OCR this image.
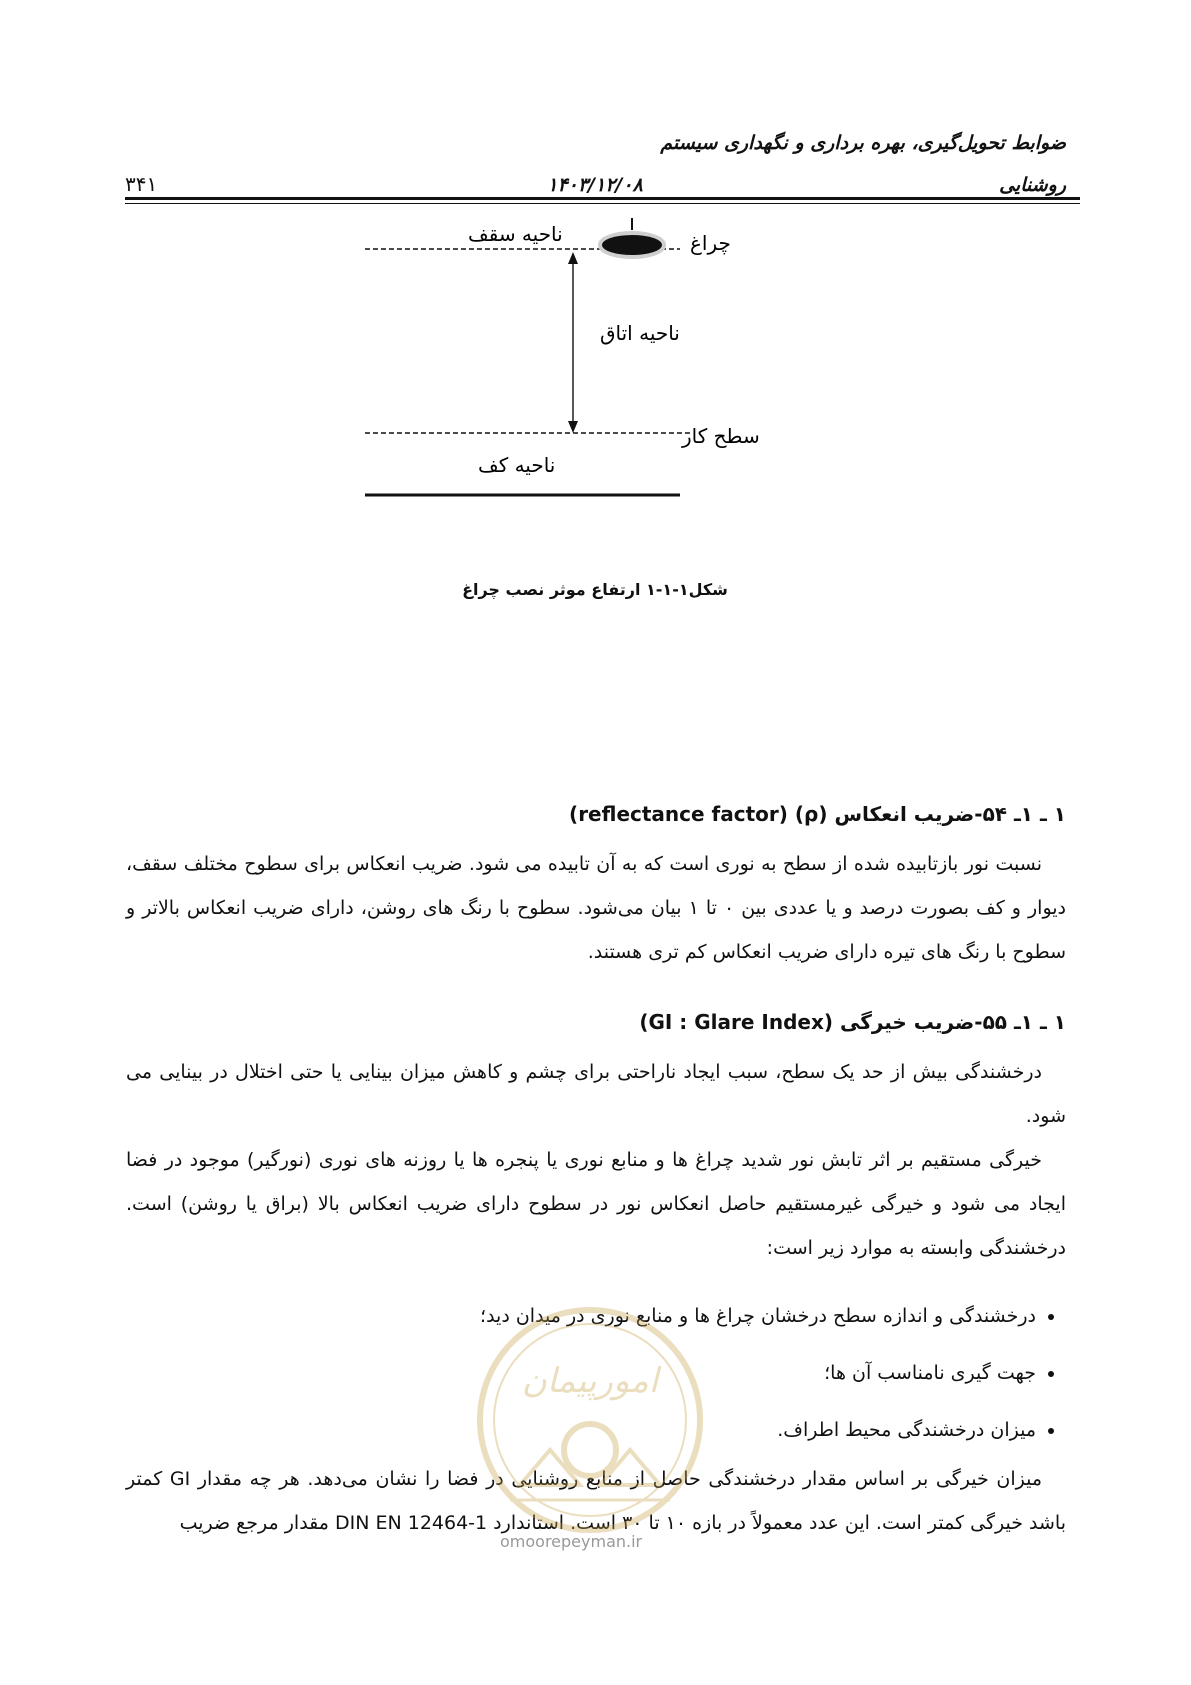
ضوابط تحویل‌گیری، بهره برداری و نگهداری سیستم
روشنایی
۱۴۰۳/۱۲/۰۸
۳۴۱
چراغ
ناحیه سقف
ناحیه اتاق
سطح کار
ناحیه کف
شکل۱-۱-۱ ارتفاع موثر نصب چراغ
۱ ـ ۱ـ ۵۴-ضریب انعکاس (ρ) (reflectance factor)

نسبت نور بازتابیده شده از سطح به نوری است که به آن تابیده می شود. ضریب انعکاس برای سطوح مختلف سقف، دیوار و کف بصورت درصد و یا عددی بین ۰ تا ۱ بیان می‌شود. سطوح با رنگ های روشن، دارای ضریب انعکاس بالاتر و سطوح با رنگ های تیره دارای ضریب انعکاس کم تری هستند.

۱ ـ ۱ـ ۵۵-ضریب خیرگی (GI : Glare Index)

درخشندگی بیش از حد یک سطح، سبب ایجاد ناراحتی برای چشم و کاهش میزان بینایی یا حتی اختلال در بینایی می شود.

خیرگی مستقیم بر اثر تابش نور شدید چراغ ها و منابع نوری یا پنجره ها یا روزنه های نوری (نورگیر) موجود در فضا ایجاد می شود و خیرگی غیرمستقیم حاصل انعکاس نور در سطوح دارای ضریب انعکاس بالا (براق یا روشن) است. درخشندگی وابسته به موارد زیر است:

• درخشندگی و اندازه سطح درخشان چراغ ها و منابع نوری در میدان دید؛
• جهت گیری نامناسب آن ها؛
• میزان درخشندگی محیط اطراف.

میزان خیرگی بر اساس مقدار درخشندگی حاصل از منابع روشنایی در فضا را نشان می‌دهد. هر چه مقدار GI کمتر باشد خیرگی کمتر است. این عدد معمولاً در بازه ۱۰ تا ۳۰ است. استاندارد DIN EN 12464-1 مقدار مرجع ضریب

امورپیمان
omoorepeyman.ir
